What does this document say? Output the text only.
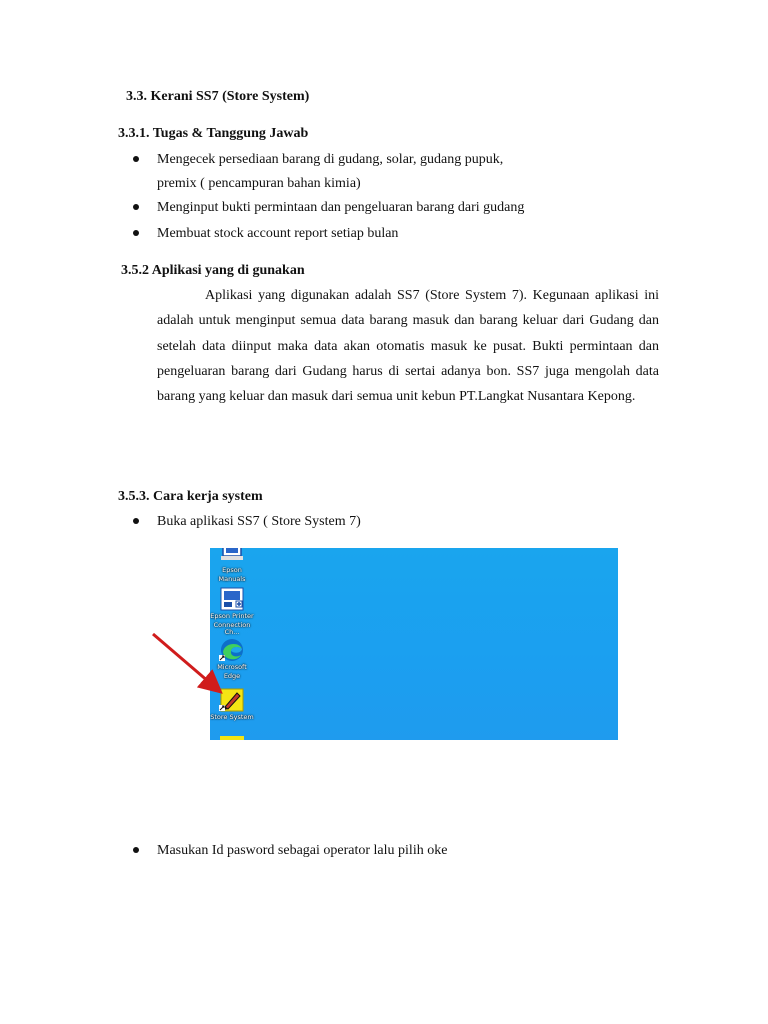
3.3. Kerani SS7 (Store System)
3.3.1. Tugas & Tanggung Jawab
Mengecek persediaan barang di gudang, solar, gudang pupuk,
premix ( pencampuran bahan kimia)
Menginput bukti permintaan dan pengeluaran barang dari gudang
Membuat stock account report setiap bulan
3.5.2 Aplikasi yang di gunakan
Aplikasi yang digunakan adalah SS7 (Store System 7). Kegunaan aplikasi ini adalah untuk menginput semua data barang masuk dan barang keluar dari Gudang dan setelah data diinput maka data akan otomatis masuk ke pusat. Bukti permintaan dan pengeluaran barang dari Gudang harus di sertai adanya bon. SS7 juga mengolah data barang yang keluar dan masuk dari semua unit kebun PT.Langkat Nusantara Kepong.
3.5.3. Cara kerja system
Buka aplikasi SS7 ( Store System 7)
Epson
Manuals
Epson Printer
Connection Ch...
Microsoft
Edge
Store System
Masukan Id pasword sebagai operator lalu pilih oke
